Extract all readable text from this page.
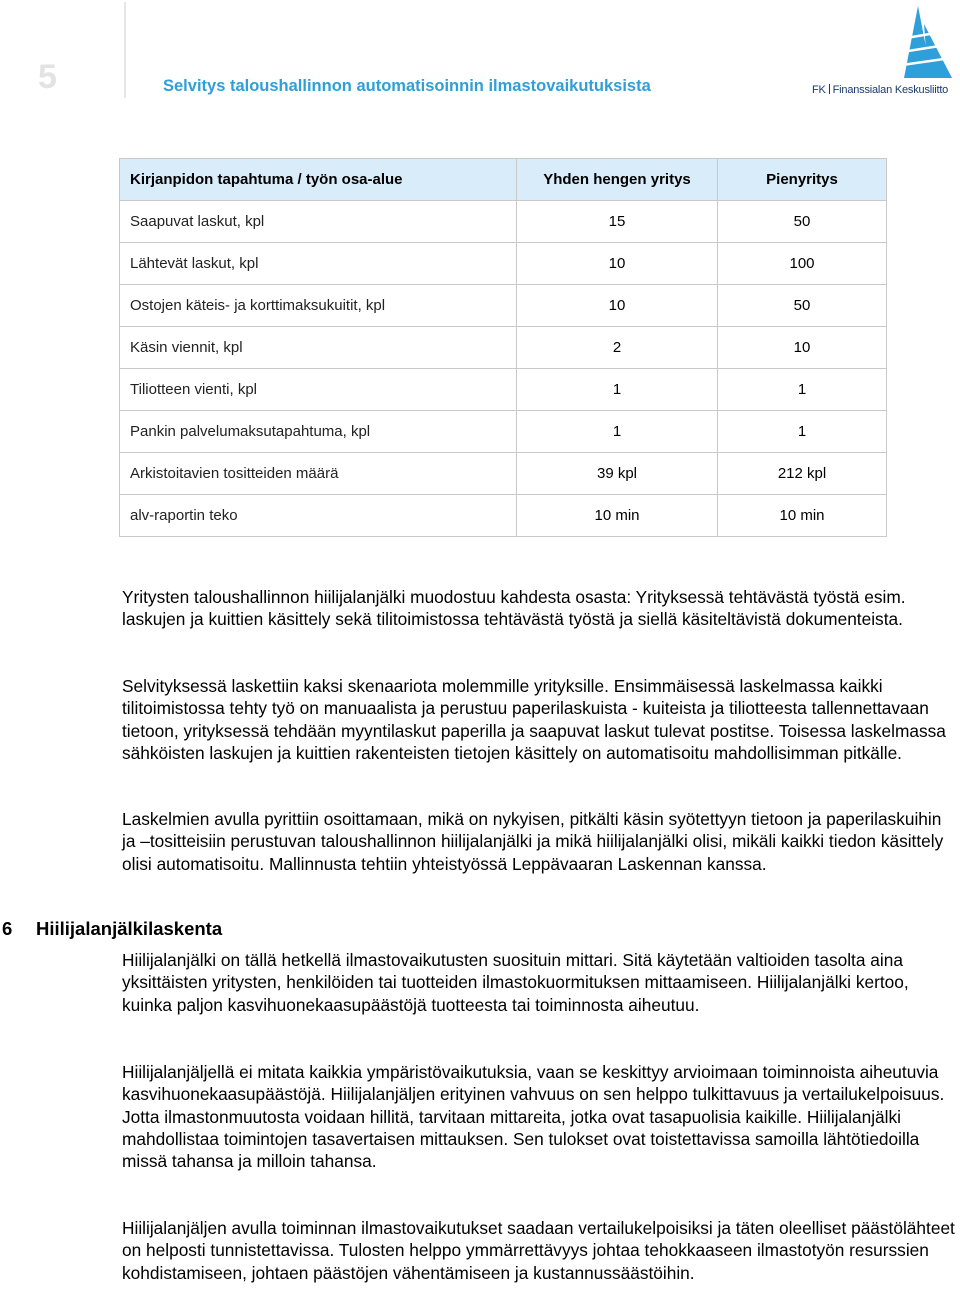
5	Selvitys taloushallinnon automatisoinnin ilmastovaikutuksista	FK Finanssialan Keskusliitto
Kirjanpidon tapahtuma / työn osa-alue	Yhden hengen yritys	Pienyritys
Saapuvat laskut, kpl	15	50
Lähtevät laskut, kpl	10	100
Ostojen käteis- ja korttimaksukuitit, kpl	10	50
Käsin viennit, kpl	2	10
Tiliotteen vienti, kpl	1	1
Pankin palvelumaksutapahtuma, kpl	1	1
Arkistoitavien tositteiden määrä	39 kpl	212 kpl
alv-raportin teko	10 min	10 min

Yritysten taloushallinnon hiilijalanjälki muodostuu kahdesta osasta: Yrityksessä tehtävästä työstä esim. laskujen ja kuittien käsittely sekä tilitoimistossa tehtävästä työstä ja siellä käsiteltävistä dokumenteista.

Selvityksessä laskettiin kaksi skenaariota molemmille yrityksille. Ensimmäisessä laskelmassa kaikki tilitoimistossa tehty työ on manuaalista ja perustuu paperilaskuista - kuiteista ja tiliotteesta tallennettavaan tietoon, yrityksessä tehdään myyntilaskut paperilla ja saapuvat laskut tulevat postitse. Toisessa laskelmassa sähköisten laskujen ja kuittien rakenteisten tietojen käsittely on automatisoitu mahdollisimman pitkälle.

Laskelmien avulla pyrittiin osoittamaan, mikä on nykyisen, pitkälti käsin syötettyyn tietoon ja paperilaskuihin ja –tositteisiin perustuvan taloushallinnon hiilijalanjälki ja mikä hiilijalanjälki olisi, mikäli kaikki tiedon käsittely olisi automatisoitu. Mallinnusta tehtiin yhteistyössä Leppävaaran Laskennan kanssa.

6 Hiilijalanjälkilaskenta

Hiilijalanjälki on tällä hetkellä ilmastovaikutusten suosituin mittari. Sitä käytetään valtioiden tasolta aina yksittäisten yritysten, henkilöiden tai tuotteiden ilmastokuormituksen mittaamiseen. Hiilijalanjälki kertoo, kuinka paljon kasvihuonekaasupäästöjä tuotteesta tai toiminnosta aiheutuu.

Hiilijalanjäljellä ei mitata kaikkia ympäristövaikutuksia, vaan se keskittyy arvioimaan toiminnoista aiheutuvia kasvihuonekaasupäästöjä. Hiilijalanjäljen erityinen vahvuus on sen helppo tulkittavuus ja vertailukelpoisuus. Jotta ilmastonmuutosta voidaan hillitä, tarvitaan mittareita, jotka ovat tasapuolisia kaikille. Hiilijalanjälki mahdollistaa toimintojen tasavertaisen mittauksen. Sen tulokset ovat toistettavissa samoilla lähtötiedoilla missä tahansa ja milloin tahansa.

Hiilijalanjäljen avulla toiminnan ilmastovaikutukset saadaan vertailukelpoisiksi ja täten oleelliset päästölähteet on helposti tunnistettavissa. Tulosten helppo ymmärrettävyys johtaa tehokkaaseen ilmastotyön resurssien kohdistamiseen, johtaen päästöjen vähentämiseen ja kustannussäästöihin.
